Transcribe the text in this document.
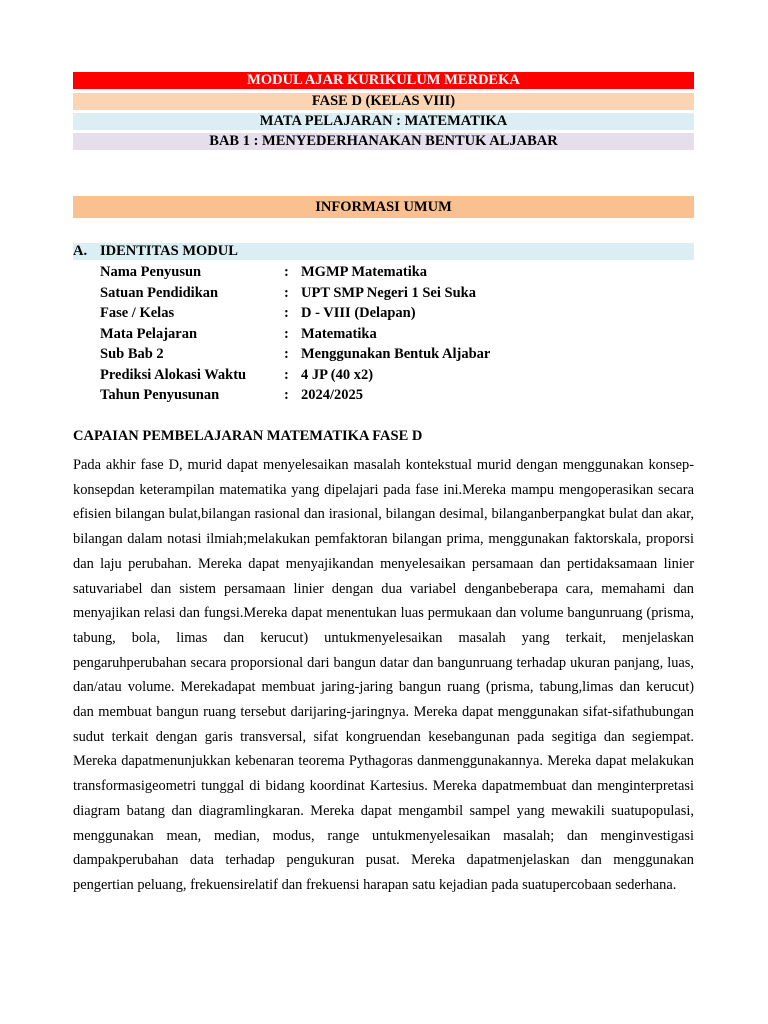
MODUL AJAR KURIKULUM MERDEKA
FASE D (KELAS VIII)
MATA PELAJARAN : MATEMATIKA
BAB 1 : MENYEDERHANAKAN BENTUK ALJABAR
INFORMASI UMUM
A. IDENTITAS MODUL
Nama Penyusun	: MGMP Matematika
Satuan Pendidikan	: UPT SMP Negeri 1 Sei Suka
Fase / Kelas	: D - VIII (Delapan)
Mata Pelajaran	: Matematika
Sub Bab 2	: Menggunakan Bentuk Aljabar
Prediksi Alokasi Waktu	: 4 JP (40 x2)
Tahun Penyusunan	: 2024/2025
CAPAIAN PEMBELAJARAN MATEMATIKA FASE D
Pada akhir fase D, murid dapat menyelesaikan masalah kontekstual murid dengan menggunakan konsep-konsepdan keterampilan matematika yang dipelajari pada fase ini.Mereka mampu mengoperasikan secara efisien bilangan bulat,bilangan rasional dan irasional, bilangan desimal, bilanganberpangkat bulat dan akar, bilangan dalam notasi ilmiah;melakukan pemfaktoran bilangan prima, menggunakan faktorskala, proporsi dan laju perubahan. Mereka dapat menyajikandan menyelesaikan persamaan dan pertidaksamaan linier satuvariabel dan sistem persamaan linier dengan dua variabel denganbeberapa cara, memahami dan menyajikan relasi dan fungsi.Mereka dapat menentukan luas permukaan dan volume bangunruang (prisma, tabung, bola, limas dan kerucut) untukmenyelesaikan masalah yang terkait, menjelaskan pengaruhperubahan secara proporsional dari bangun datar dan bangunruang terhadap ukuran panjang, luas, dan/atau volume. Merekadapat membuat jaring-jaring bangun ruang (prisma, tabung,limas dan kerucut) dan membuat bangun ruang tersebut darijaring-jaringnya. Mereka dapat menggunakan sifat-sifathubungan sudut terkait dengan garis transversal, sifat kongruendan kesebangunan pada segitiga dan segiempat. Mereka dapatmenunjukkan kebenaran teorema Pythagoras danmenggunakannya. Mereka dapat melakukan transformasigeometri tunggal di bidang koordinat Kartesius. Mereka dapatmembuat dan menginterpretasi diagram batang dan diagramlingkaran. Mereka dapat mengambil sampel yang mewakili suatupopulasi, menggunakan mean, median, modus, range untukmenyelesaikan masalah; dan menginvestigasi dampakperubahan data terhadap pengukuran pusat. Mereka dapatmenjelaskan dan menggunakan pengertian peluang, frekuensirelatif dan frekuensi harapan satu kejadian pada suatupercobaan sederhana.
